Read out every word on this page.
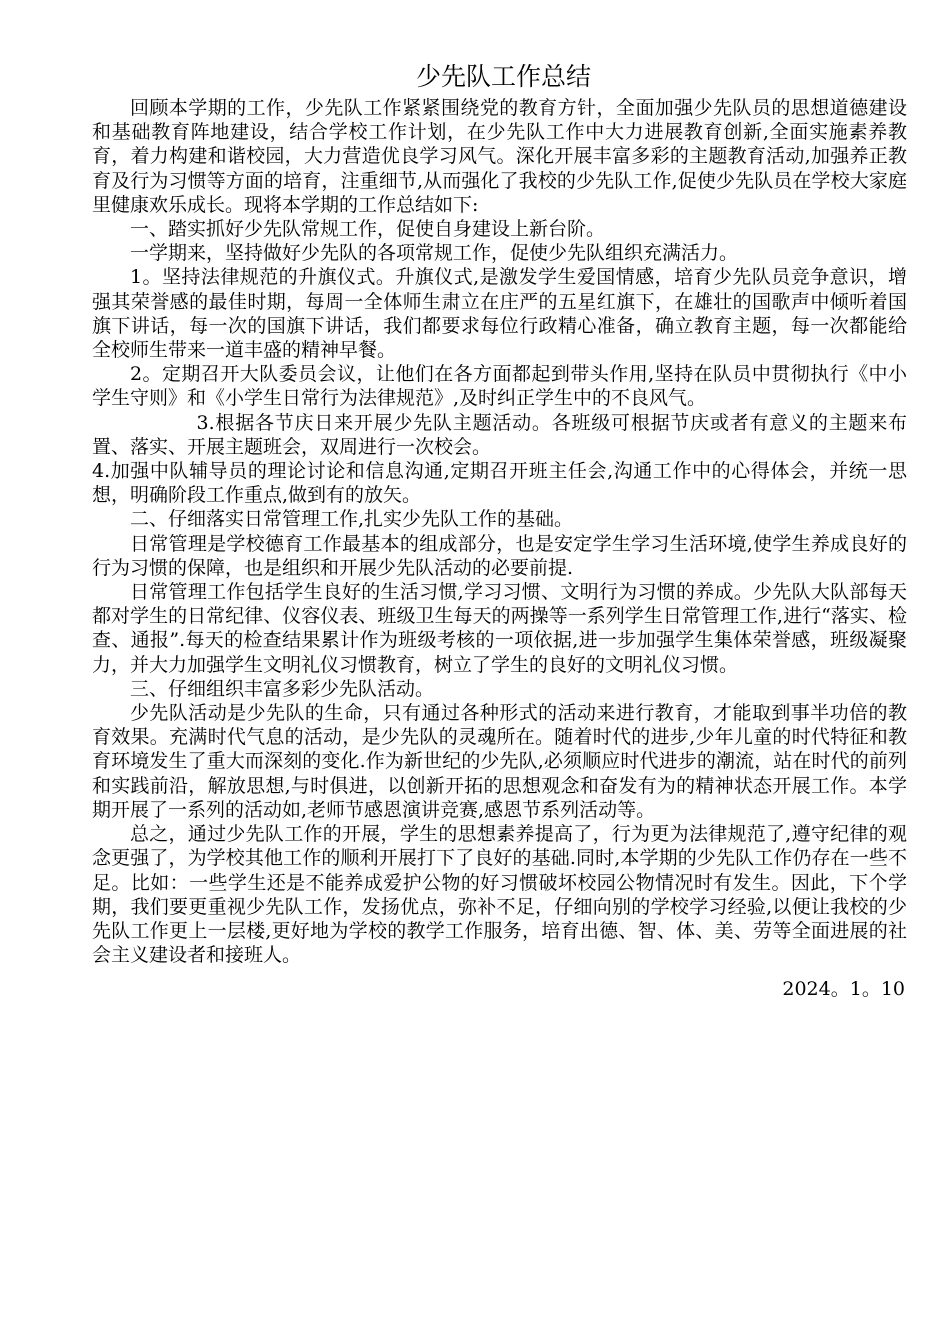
少先队工作总结

回顾本学期的工作，少先队工作紧紧围绕党的教育方针，全面加强少先队员的思想道德建设和基础教育阵地建设，结合学校工作计划，在少先队工作中大力进展教育创新,全面实施素养教育，着力构建和谐校园，大力营造优良学习风气。深化开展丰富多彩的主题教育活动,加强养正教育及行为习惯等方面的培育，注重细节,从而强化了我校的少先队工作,促使少先队员在学校大家庭里健康欢乐成长。现将本学期的工作总结如下:

一、踏实抓好少先队常规工作，促使自身建设上新台阶。

一学期来，坚持做好少先队的各项常规工作，促使少先队组织充满活力。

1。坚持法律规范的升旗仪式。升旗仪式,是激发学生爱国情感，培育少先队员竞争意识，增强其荣誉感的最佳时期，每周一全体师生肃立在庄严的五星红旗下，在雄壮的国歌声中倾听着国旗下讲话，每一次的国旗下讲话，我们都要求每位行政精心准备，确立教育主题，每一次都能给全校师生带来一道丰盛的精神早餐。

2。定期召开大队委员会议，让他们在各方面都起到带头作用,坚持在队员中贯彻执行《中小学生守则》和《小学生日常行为法律规范》,及时纠正学生中的不良风气。

3.根据各节庆日来开展少先队主题活动。各班级可根据节庆或者有意义的主题来布置、落实、开展主题班会，双周进行一次校会。

4.加强中队辅导员的理论讨论和信息沟通,定期召开班主任会,沟通工作中的心得体会，并统一思想，明确阶段工作重点,做到有的放矢。

二、仔细落实日常管理工作,扎实少先队工作的基础。

日常管理是学校德育工作最基本的组成部分，也是安定学生学习生活环境,使学生养成良好的行为习惯的保障，也是组织和开展少先队活动的必要前提.

日常管理工作包括学生良好的生活习惯,学习习惯、文明行为习惯的养成。少先队大队部每天都对学生的日常纪律、仪容仪表、班级卫生每天的两操等一系列学生日常管理工作,进行“落实、检查、通报”.每天的检查结果累计作为班级考核的一项依据,进一步加强学生集体荣誉感，班级凝聚力，并大力加强学生文明礼仪习惯教育，树立了学生的良好的文明礼仪习惯。

三、仔细组织丰富多彩少先队活动。

少先队活动是少先队的生命，只有通过各种形式的活动来进行教育，才能取到事半功倍的教育效果。充满时代气息的活动，是少先队的灵魂所在。随着时代的进步,少年儿童的时代特征和教育环境发生了重大而深刻的变化.作为新世纪的少先队,必须顺应时代进步的潮流，站在时代的前列和实践前沿，解放思想,与时俱进，以创新开拓的思想观念和奋发有为的精神状态开展工作。本学期开展了一系列的活动如,老师节感恩演讲竞赛,感恩节系列活动等。

总之，通过少先队工作的开展，学生的思想素养提高了，行为更为法律规范了,遵守纪律的观念更强了，为学校其他工作的顺利开展打下了良好的基础.同时,本学期的少先队工作仍存在一些不足。比如：一些学生还是不能养成爱护公物的好习惯破坏校园公物情况时有发生。因此，下个学期，我们要更重视少先队工作，发扬优点，弥补不足，仔细向别的学校学习经验,以便让我校的少先队工作更上一层楼,更好地为学校的教学工作服务，培育出德、智、体、美、劳等全面进展的社会主义建设者和接班人。

2024。1。10
